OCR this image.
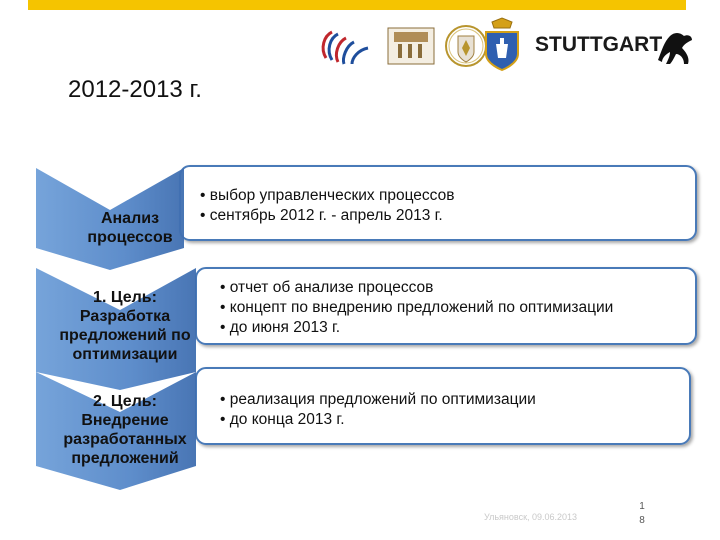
STUTTGART
2012-2013 г.
Анализ
процессов
1. Цель:
Разработка
предложений по
оптимизации
2. Цель:
Внедрение
разработанных
предложений
• выбор управленческих процессов
• сентябрь 2012 г. - апрель 2013 г.
• отчет об анализе процессов
• концепт по внедрению предложений по оптимизации
• до июня 2013 г.
• реализация предложений по оптимизации
• до конца 2013 г.
Ульяновск, 09.06.2013
1
8
